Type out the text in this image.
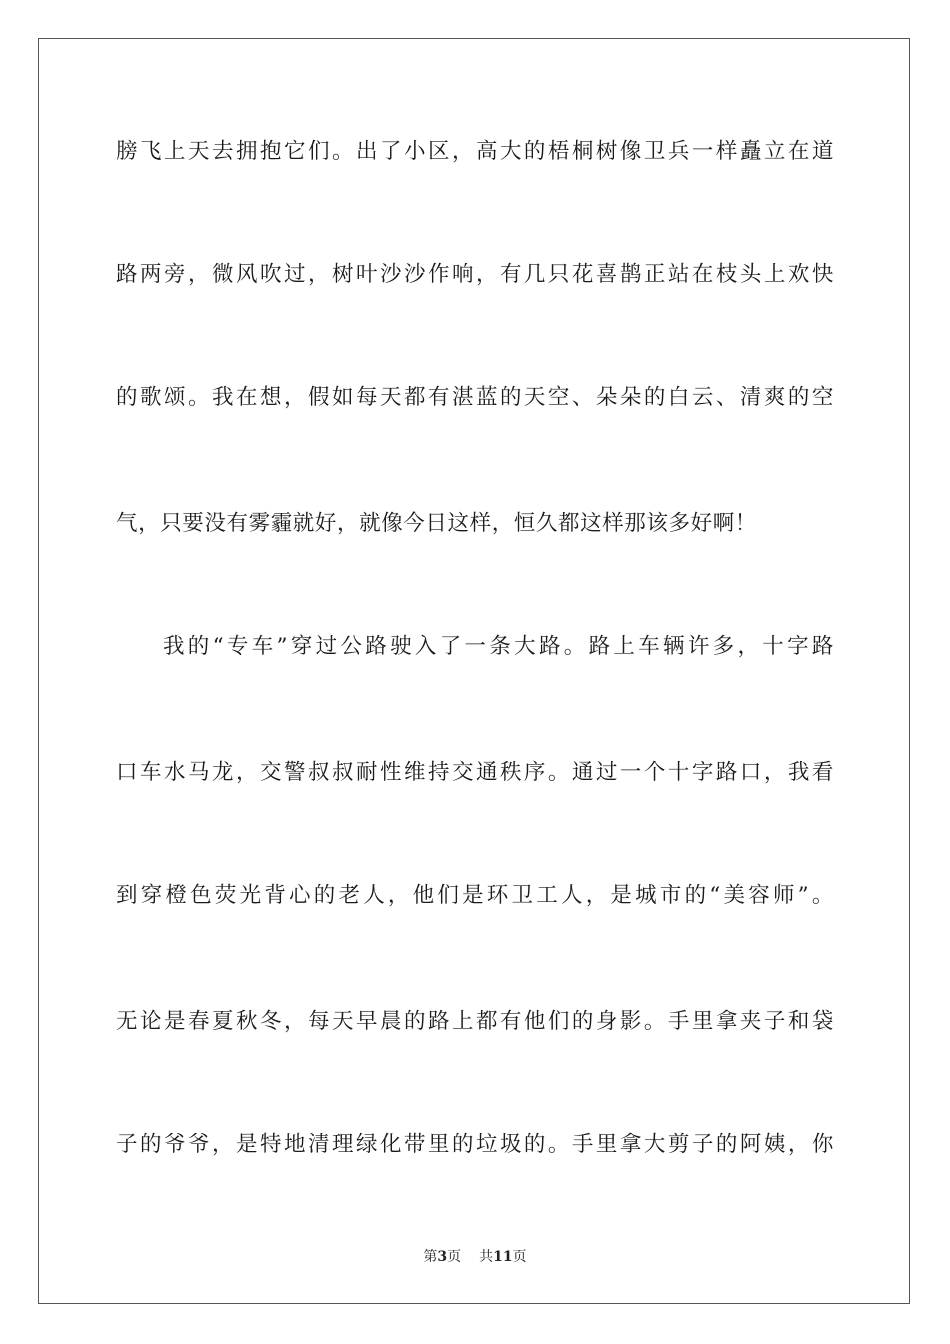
膀飞上天去拥抱它们。出了小区，高大的梧桐树像卫兵一样矗立在道
路两旁，微风吹过，树叶沙沙作响，有几只花喜鹊正站在枝头上欢快
的歌颂。我在想，假如每天都有湛蓝的天空、朵朵的白云、清爽的空
气，只要没有雾霾就好，就像今日这样，恒久都这样那该多好啊！
我的“专车”穿过公路驶入了一条大路。路上车辆许多，十字路
口车水马龙，交警叔叔耐性维持交通秩序。通过一个十字路口，我看
到穿橙色荧光背心的老人，他们是环卫工人，是城市的“美容师”。
无论是春夏秋冬，每天早晨的路上都有他们的身影。手里拿夹子和袋
子的爷爷，是特地清理绿化带里的垃圾的。手里拿大剪子的阿姨，你
第3页 共11页
